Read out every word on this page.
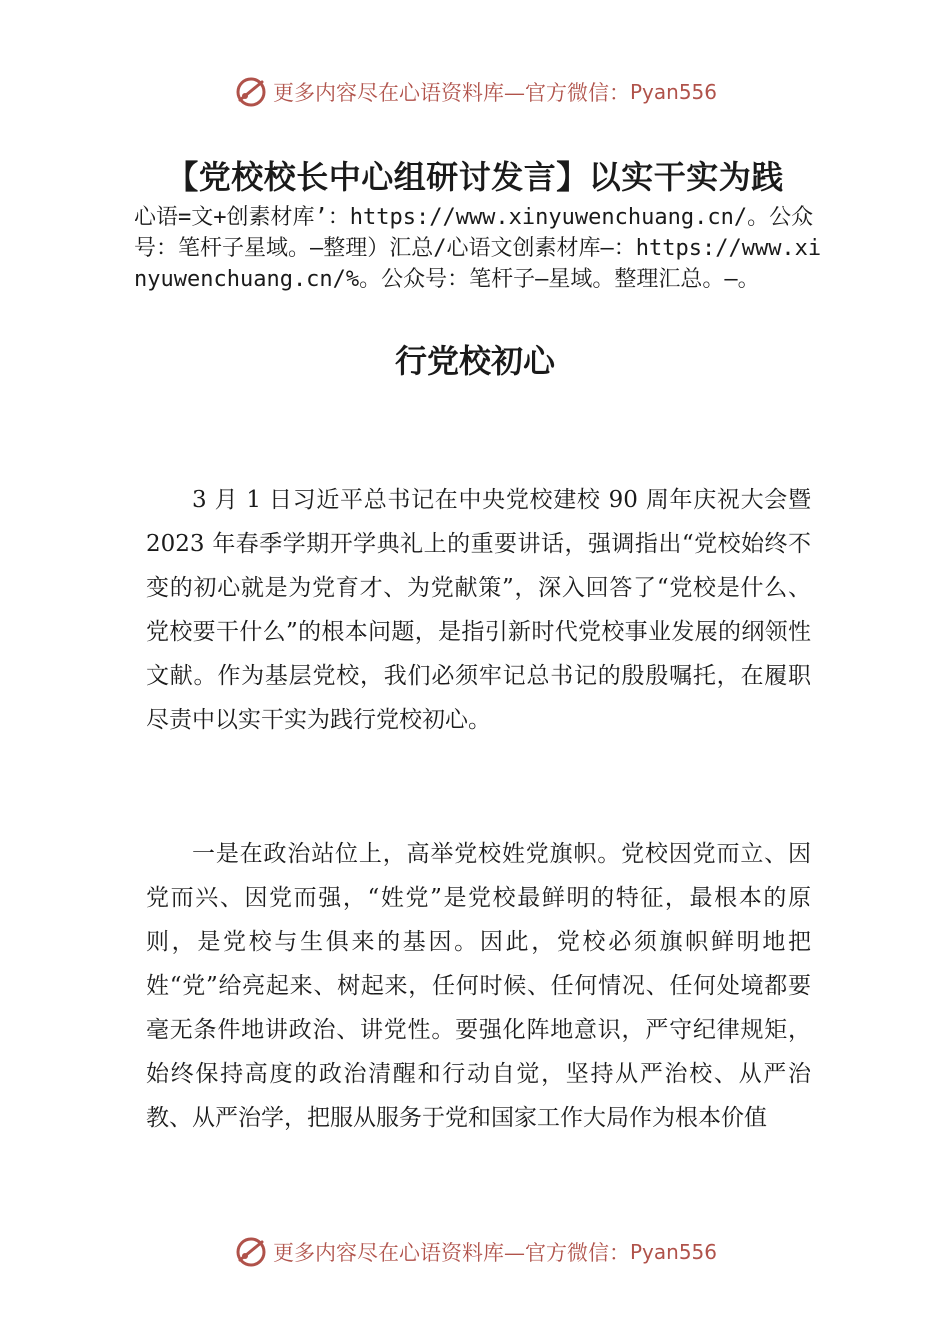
更多内容尽在心语资料库—官方微信： Pyan556
【党校校长中心组研讨发言】以实干实为践
心语=文+创素材库’：https://www.xinyuwenchuang.cn/。公众号：笔杆子星域。—整理）汇总/心语文创素材库—：https://www.xinyuwenchuang.cn/%。公众号：笔杆子—星域。整理汇总。—。
行党校初心
3 月 1 日习近平总书记在中央党校建校 90 周年庆祝大会暨 2023 年春季学期开学典礼上的重要讲话，强调指出“党校始终不变的初心就是为党育才、为党献策”，深入回答了“党校是什么、党校要干什么”的根本问题，是指引新时代党校事业发展的纲领性文献。作为基层党校，我们必须牢记总书记的殷殷嘱托，在履职尽责中以实干实为践行党校初心。
一是在政治站位上，高举党校姓党旗帜。党校因党而立、因党而兴、因党而强，“姓党”是党校最鲜明的特征，最根本的原则，是党校与生俱来的基因。因此，党校必须旗帜鲜明地把姓“党”给亮起来、树起来，任何时候、任何情况、任何处境都要毫无条件地讲政治、讲党性。要强化阵地意识，严守纪律规矩，始终保持高度的政治清醒和行动自觉，坚持从严治校、从严治教、从严治学，把服从服务于党和国家工作大局作为根本价值
更多内容尽在心语资料库—官方微信： Pyan556
